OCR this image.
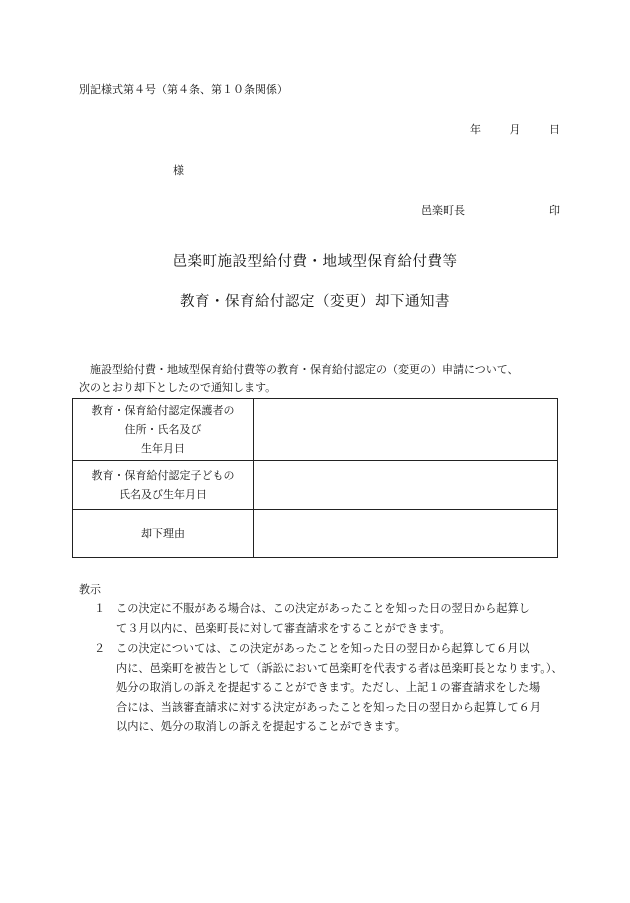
別記様式第４号（第４条、第１０条関係）
年	月	日
様
邑楽町長	印
邑楽町施設型給付費・地域型保育給付費等
教育・保育給付認定（変更）却下通知書
施設型給付費・地域型保育給付費等の教育・保育給付認定の（変更の）申請について、
次のとおり却下としたので通知します。
教育・保育給付認定保護者の
住所・氏名及び
生年月日	

教育・保育給付認定子どもの
氏名及び生年月日	

却下理由	

教示
１ この決定に不服がある場合は、この決定があったことを知った日の翌日から起算し
て３月以内に、邑楽町長に対して審査請求をすることができます。
２ この決定については、この決定があったことを知った日の翌日から起算して６月以
内に、邑楽町を被告として（訴訟において邑楽町を代表する者は邑楽町長となります。）、
処分の取消しの訴えを提起することができます。ただし、上記１の審査請求をした場
合には、当該審査請求に対する決定があったことを知った日の翌日から起算して６月
以内に、処分の取消しの訴えを提起することができます。
